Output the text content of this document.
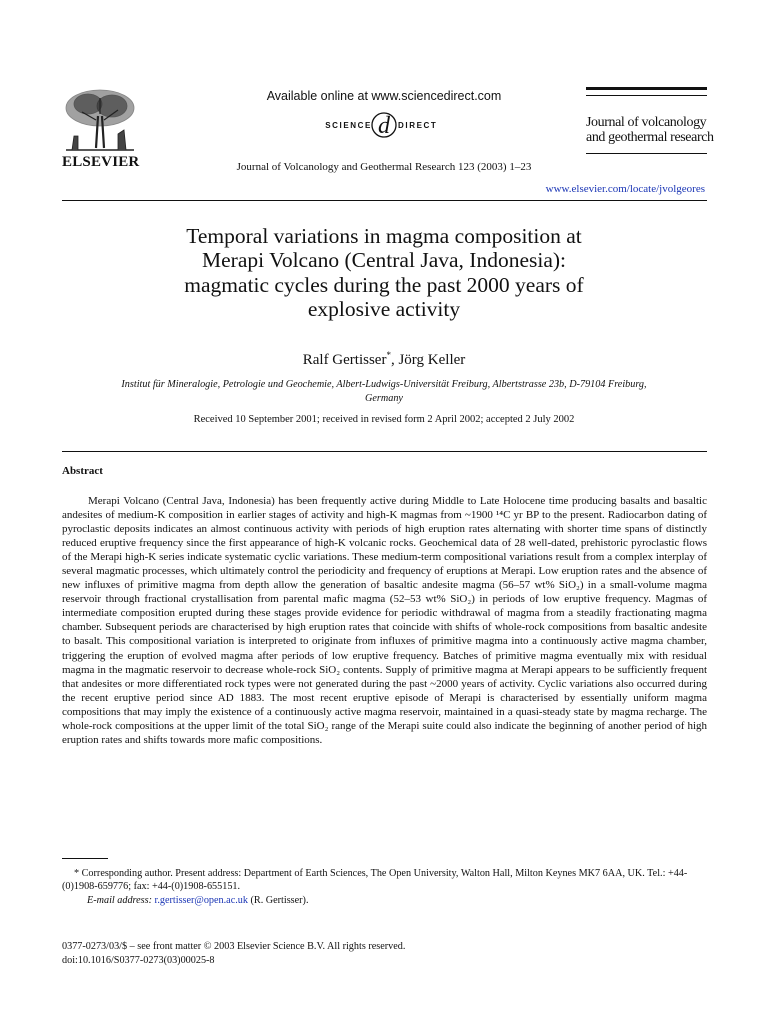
ELSEVIER
Available online at www.sciencedirect.com
SCIENCE d DIRECT
Journal of Volcanology and Geothermal Research 123 (2003) 1–23
Journal of volcanology
and geothermal research
www.elsevier.com/locate/jvolgeores
Temporal variations in magma composition at
Merapi Volcano (Central Java, Indonesia):
magmatic cycles during the past 2000 years of
explosive activity
Ralf Gertisser*, Jörg Keller
Institut für Mineralogie, Petrologie und Geochemie, Albert-Ludwigs-Universität Freiburg, Albertstrasse 23b, D-79104 Freiburg,
Germany
Received 10 September 2001; received in revised form 2 April 2002; accepted 2 July 2002
Abstract

Merapi Volcano (Central Java, Indonesia) has been frequently active during Middle to Late Holocene time producing basalts and basaltic andesites of medium-K composition in earlier stages of activity and high-K magmas from ~1900 ¹⁴C yr BP to the present. Radiocarbon dating of pyroclastic deposits indicates an almost continuous activity with periods of high eruption rates alternating with shorter time spans of distinctly reduced eruptive frequency since the first appearance of high-K volcanic rocks. Geochemical data of 28 well-dated, prehistoric pyroclastic flows of the Merapi high-K series indicate systematic cyclic variations. These medium-term compositional variations result from a complex interplay of several magmatic processes, which ultimately control the periodicity and frequency of eruptions at Merapi. Low eruption rates and the absence of new influxes of primitive magma from depth allow the generation of basaltic andesite magma (56–57 wt% SiO₂) in a small-volume magma reservoir through fractional crystallisation from parental mafic magma (52–53 wt% SiO₂) in periods of low eruptive frequency. Magmas of intermediate composition erupted during these stages provide evidence for periodic withdrawal of magma from a steadily fractionating magma chamber. Subsequent periods are characterised by high eruption rates that coincide with shifts of whole-rock compositions from basaltic andesite to basalt. This compositional variation is interpreted to originate from influxes of primitive magma into a continuously active magma chamber, triggering the eruption of evolved magma after periods of low eruptive frequency. Batches of primitive magma eventually mix with residual magma in the magmatic reservoir to decrease whole-rock SiO₂ contents. Supply of primitive magma at Merapi appears to be sufficiently frequent that andesites or more differentiated rock types were not generated during the past ~2000 years of activity. Cyclic variations also occurred during the recent eruptive period since AD 1883. The most recent eruptive episode of Merapi is characterised by essentially uniform magma compositions that may imply the existence of a continuously active magma reservoir, maintained in a quasi-steady state by magma recharge. The whole-rock compositions at the upper limit of the total SiO₂ range of the Merapi suite could also indicate the beginning of another period of high eruption rates and shifts towards more mafic compositions.

* Corresponding author. Present address: Department of Earth Sciences, The Open University, Walton Hall, Milton Keynes MK7 6AA, UK. Tel.: +44-(0)1908-659776; fax: +44-(0)1908-655151.
E-mail address: r.gertisser@open.ac.uk (R. Gertisser).
0377-0273/03/$ – see front matter © 2003 Elsevier Science B.V. All rights reserved.
doi:10.1016/S0377-0273(03)00025-8
